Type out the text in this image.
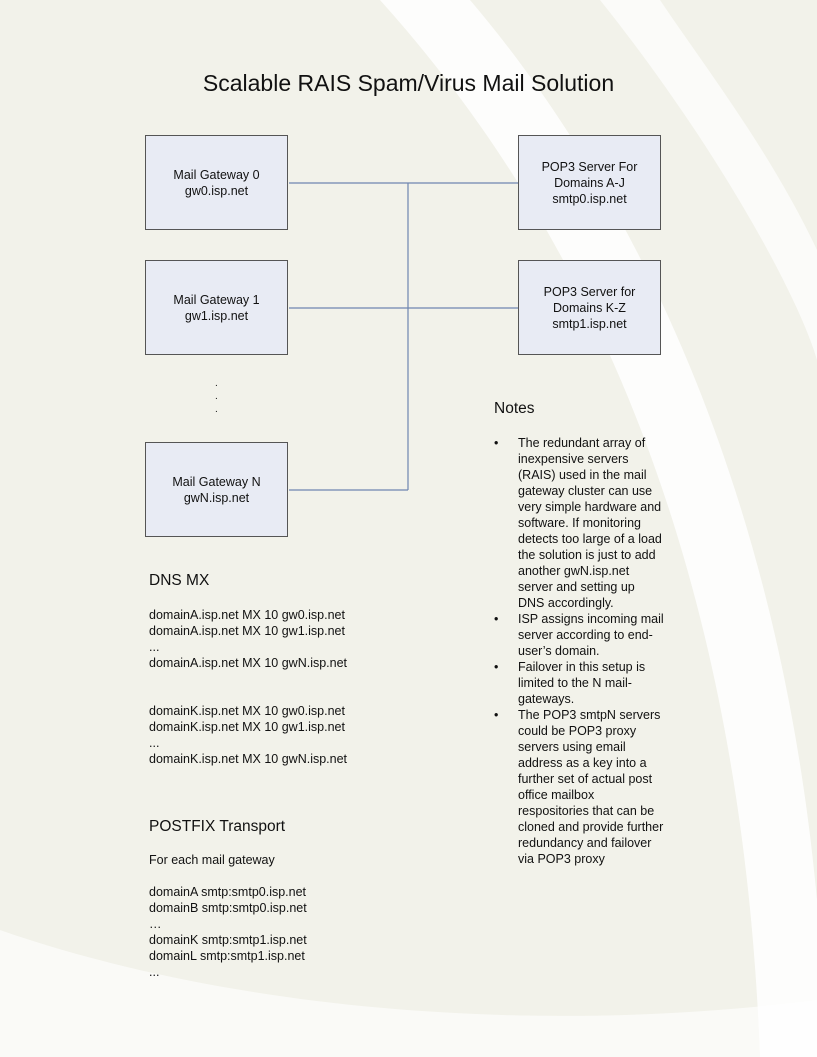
Scalable RAIS Spam/Virus Mail Solution
Mail Gateway 0
gw0.isp.net
Mail Gateway 1
gw1.isp.net
Mail Gateway N
gwN.isp.net
POP3 Server For
Domains A-J
smtp0.isp.net
POP3 Server for
Domains K-Z
smtp1.isp.net
.
.
.
DNS MX
domainA.isp.net MX 10 gw0.isp.net
domainA.isp.net MX 10 gw1.isp.net
...
domainA.isp.net MX 10 gwN.isp.net
domainK.isp.net MX 10 gw0.isp.net
domainK.isp.net MX 10 gw1.isp.net
...
domainK.isp.net MX 10 gwN.isp.net
POSTFIX Transport
For each mail gateway
domainA smtp:smtp0.isp.net
domainB smtp:smtp0.isp.net
…
domainK smtp:smtp1.isp.net
domainL smtp:smtp1.isp.net
...
Notes
• The redundant array of inexpensive servers (RAIS) used in the mail gateway cluster can use very simple hardware and software. If monitoring detects too large of a load the solution is just to add another gwN.isp.net server and setting up DNS accordingly.
• ISP assigns incoming mail server according to end-user’s domain.
• Failover in this setup is limited to the N mail-gateways.
• The POP3 smtpN servers could be POP3 proxy servers using email address as a key into a further set of actual post office mailbox respositories that can be cloned and provide further redundancy and failover via POP3 proxy
